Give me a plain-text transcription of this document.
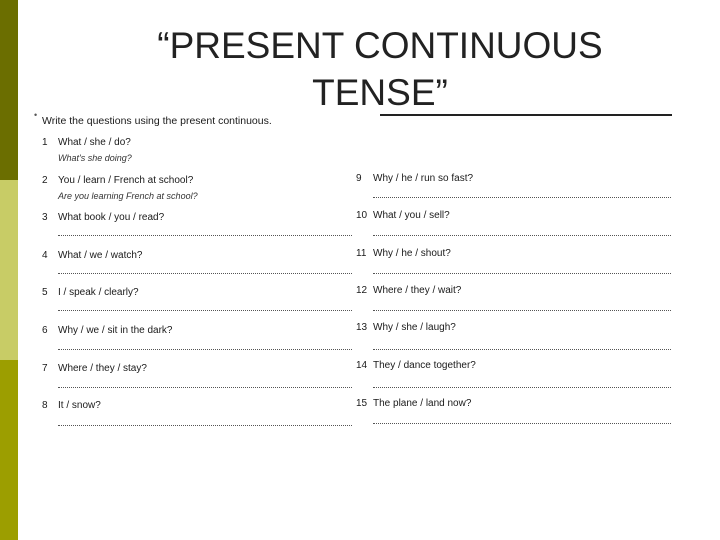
“PRESENT CONTINUOUS
TENSE”
• Write the questions using the present continuous.
1 What / she / do?
What's she doing?
2 You / learn / French at school?
Are you learning French at school?
3 What book / you / read?
4 What / we / watch?
5 I / speak / clearly?
6 Why / we / sit in the dark?
7 Where / they / stay?
8 It / snow?
9 Why / he / run so fast?
10 What / you / sell?
11 Why / he / shout?
12 Where / they / wait?
13 Why / she / laugh?
14 They / dance together?
15 The plane / land now?
